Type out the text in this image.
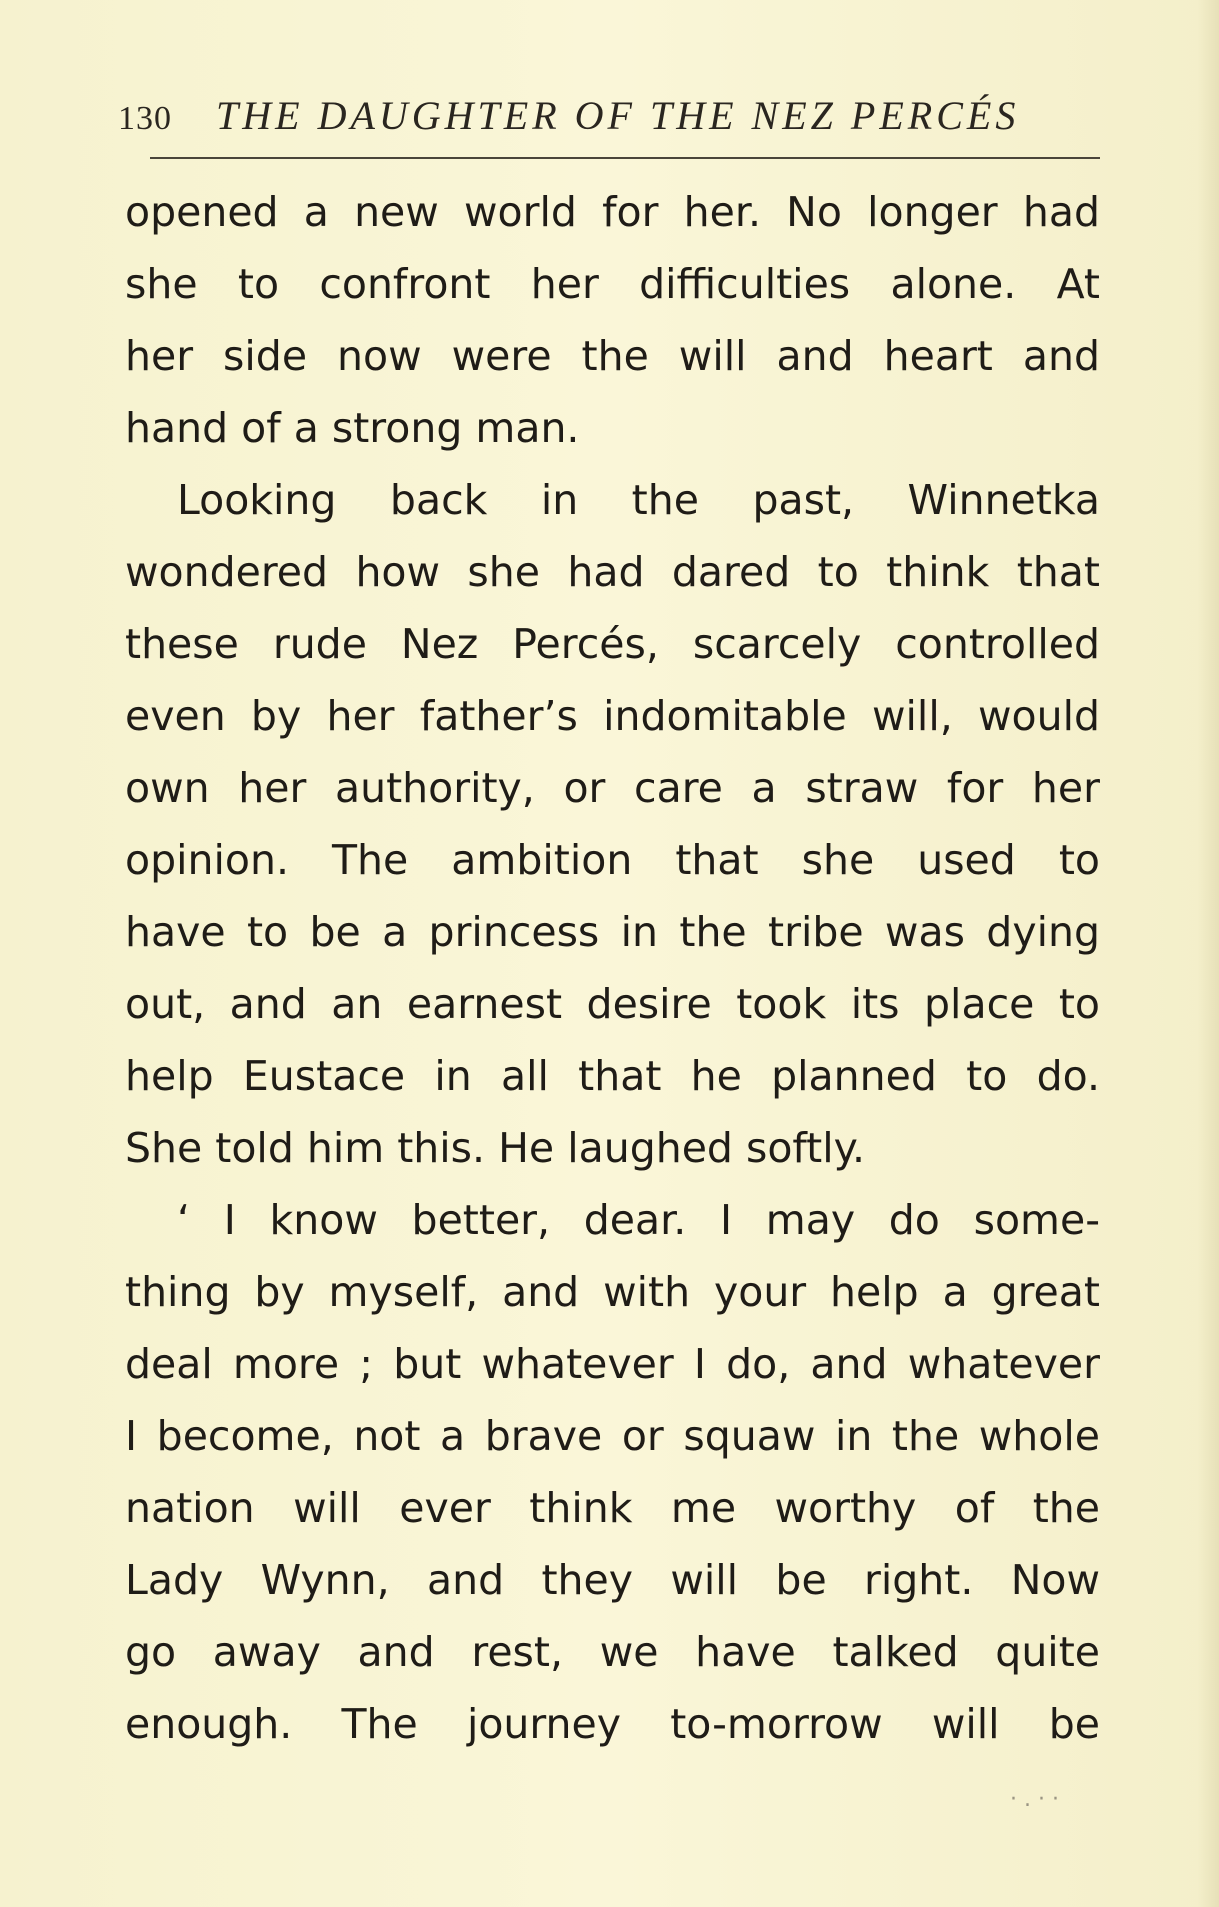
130 THE DAUGHTER OF THE NEZ PERCÉS
opened a new world for her. No longer had
she to confront her difficulties alone. At
her side now were the will and heart and
hand of a strong man.
Looking back in the past, Winnetka
wondered how she had dared to think that
these rude Nez Percés, scarcely controlled
even by her father’s indomitable will, would
own her authority, or care a straw for her
opinion. The ambition that she used to
have to be a princess in the tribe was dying
out, and an earnest desire took its place to
help Eustace in all that he planned to do.
She told him this. He laughed softly.
‘ I know better, dear. I may do some-
thing by myself, and with your help a great
deal more ; but whatever I do, and whatever
I become, not a brave or squaw in the whole
nation will ever think me worthy of the
Lady Wynn, and they will be right. Now
go away and rest, we have talked quite
enough. The journey to-morrow will be
· . · ·
